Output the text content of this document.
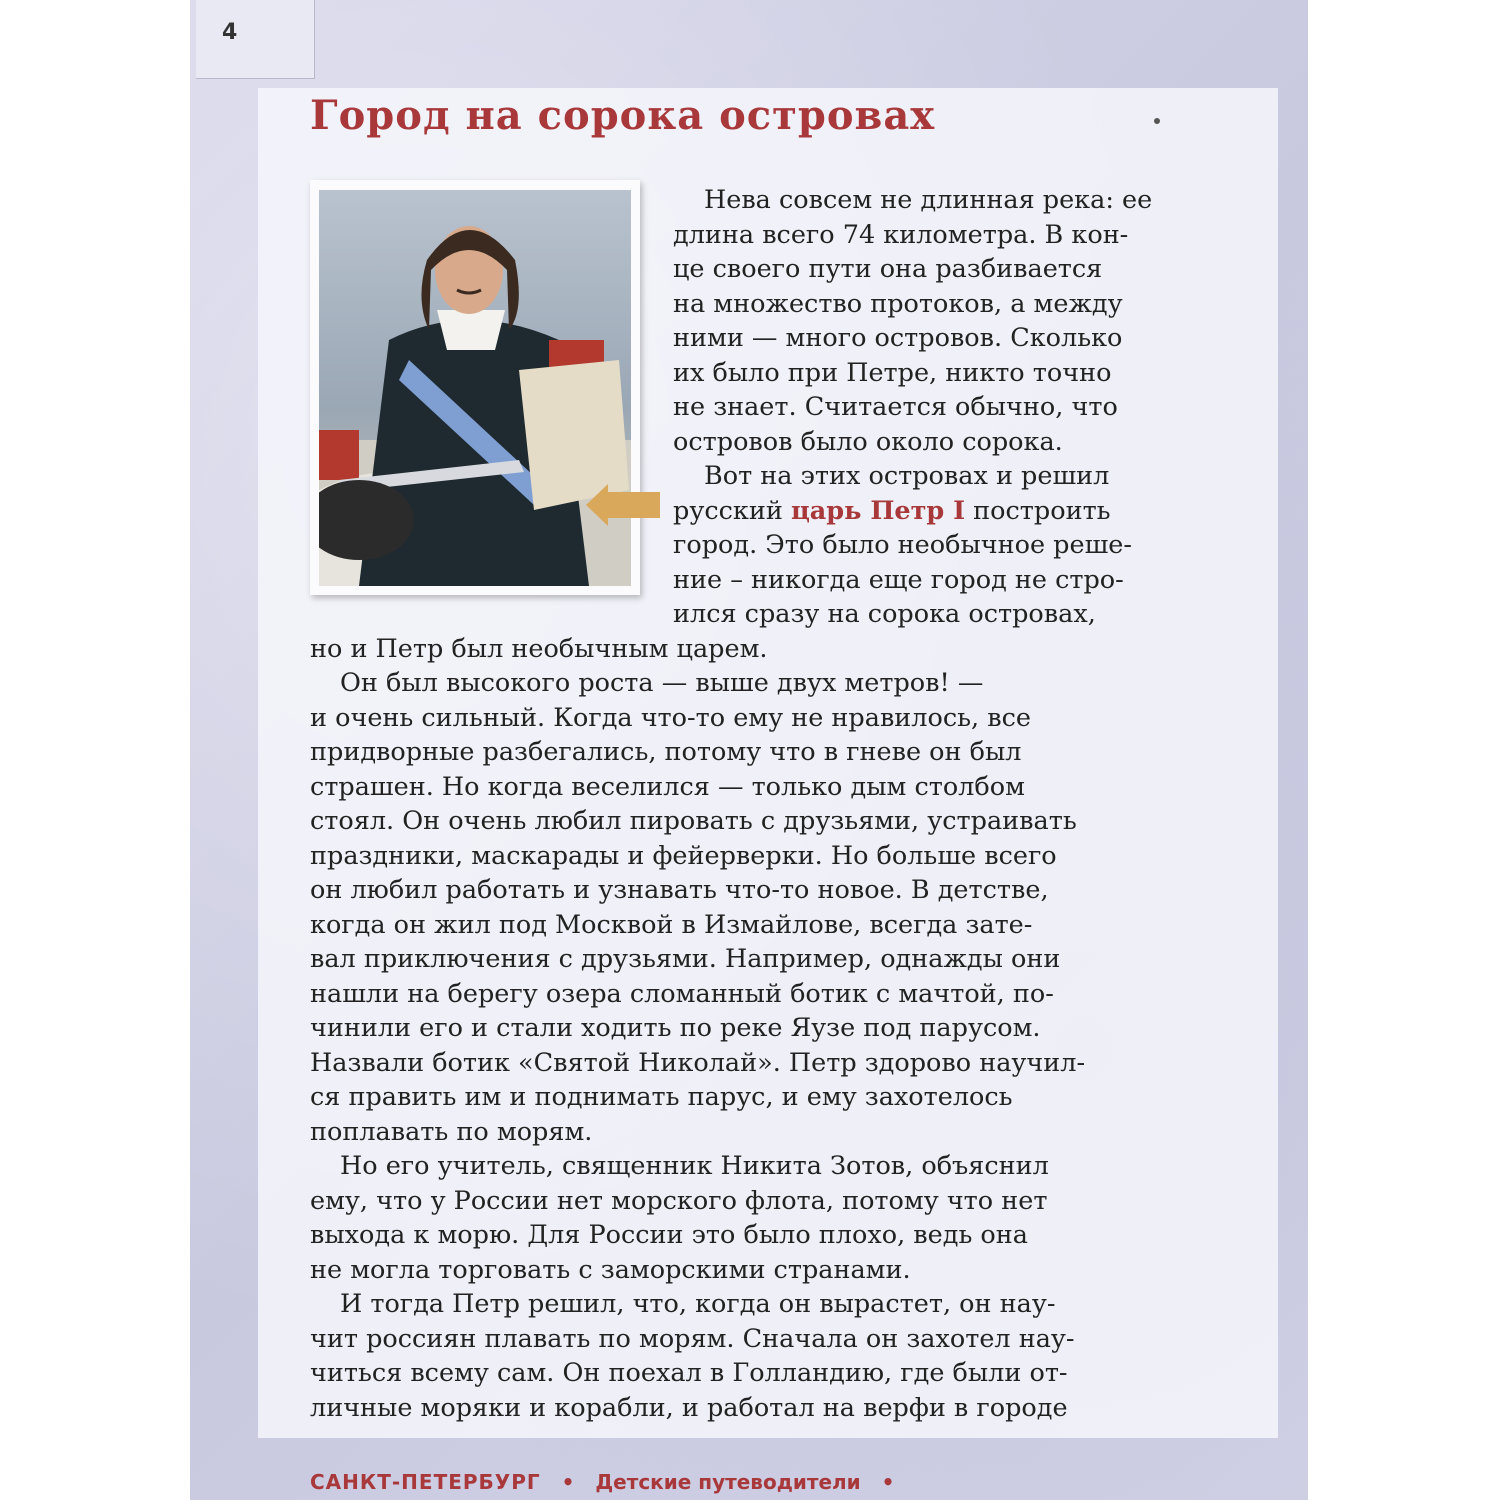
4
Город на сорока островах
Нева совсем не длинная река: ее
длина всего 74 километра. В кон-
це своего пути она разбивается
на множество протоков, а между
ними — много островов. Сколько
их было при Петре, никто точно
не знает. Считается обычно, что
островов было около сорока.
Вот на этих островах и решил
русский царь Петр I построить
город. Это было необычное реше-
ние – никогда еще город не стро-
ился сразу на сорока островах,
но и Петр был необычным царем.
Он был высокого роста — выше двух метров! —
и очень сильный. Когда что-то ему не нравилось, все
придворные разбегались, потому что в гневе он был
страшен. Но когда веселился — только дым столбом
стоял. Он очень любил пировать с друзьями, устраивать
праздники, маскарады и фейерверки. Но больше всего
он любил работать и узнавать что-то новое. В детстве,
когда он жил под Москвой в Измайлове, всегда зате-
вал приключения с друзьями. Например, однажды они
нашли на берегу озера сломанный ботик с мачтой, по-
чинили его и стали ходить по реке Яузе под парусом.
Назвали ботик «Святой Николай». Петр здорово научил-
ся править им и поднимать парус, и ему захотелось
поплавать по морям.
Но его учитель, священник Никита Зотов, объяснил
ему, что у России нет морского флота, потому что нет
выхода к морю. Для России это было плохо, ведь она
не могла торговать с заморскими странами.
И тогда Петр решил, что, когда он вырастет, он нау-
чит россиян плавать по морям. Сначала он захотел нау-
читься всему сам. Он поехал в Голландию, где были от-
личные моряки и корабли, и работал на верфи в городе
САНКТ-ПЕТЕРБУРГ • Детские путеводители •
